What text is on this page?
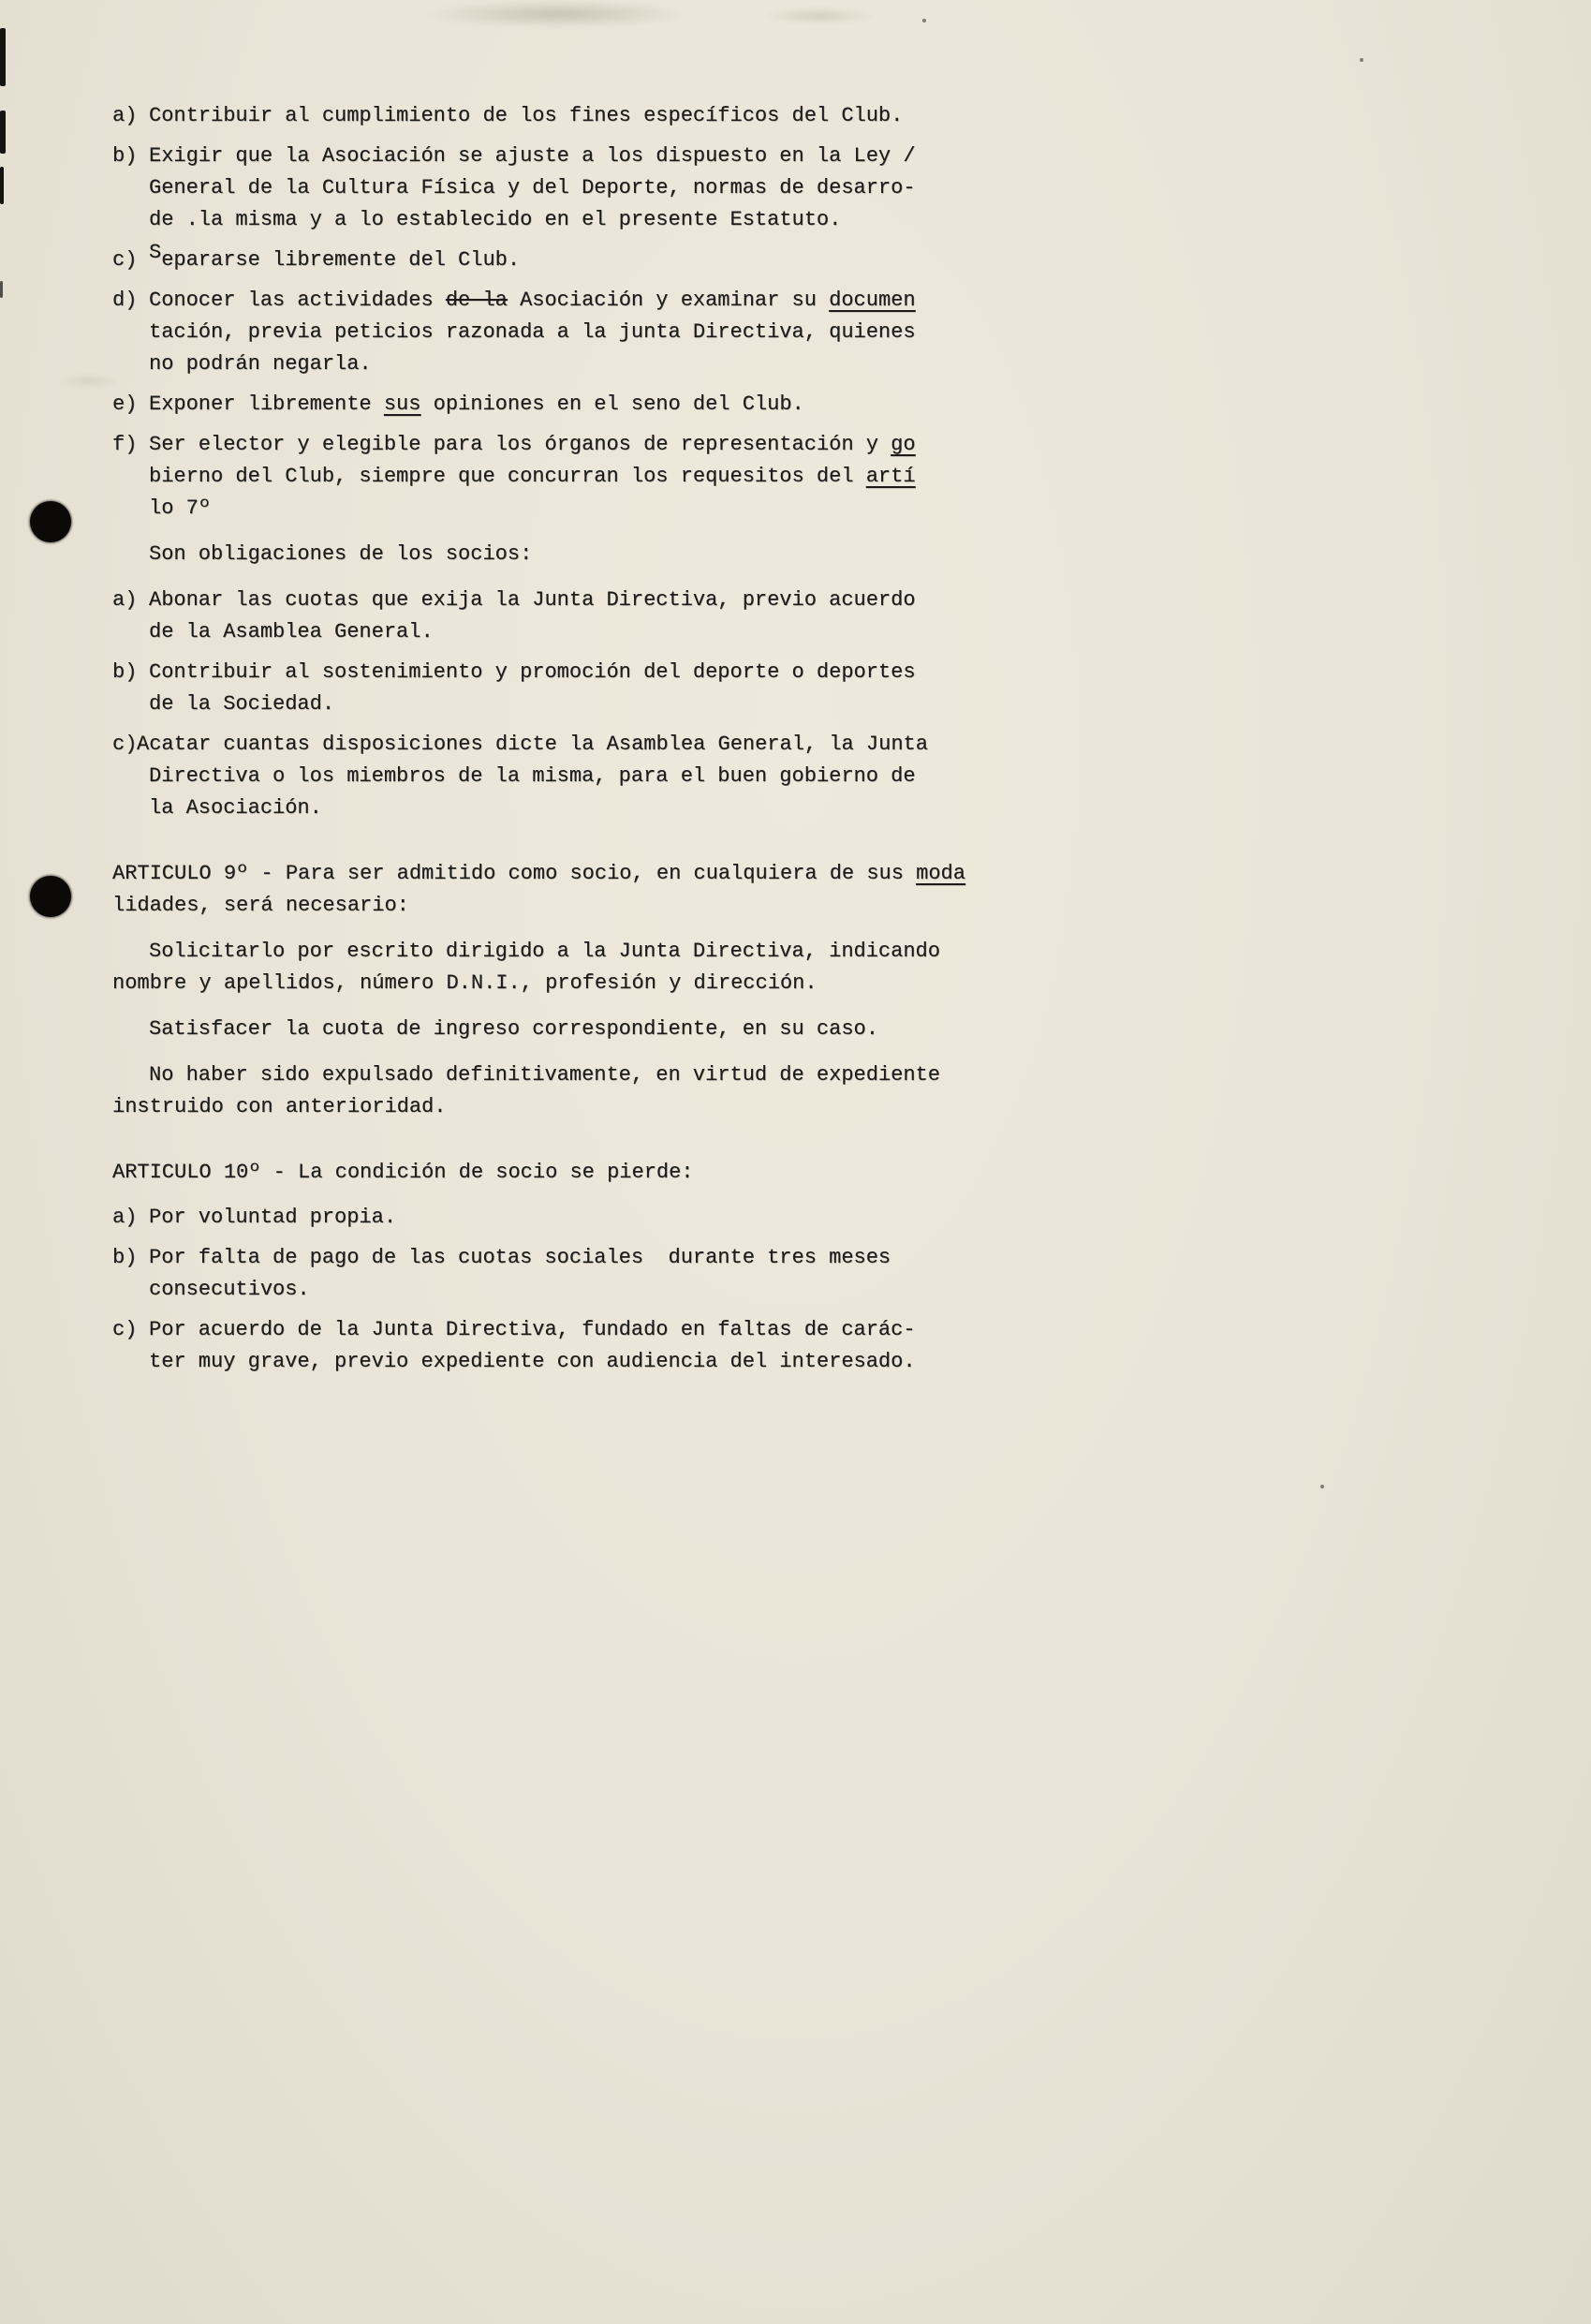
a) Contribuir al cumplimiento de los fines específicos del Club.
b) Exigir que la Asociación se ajuste a los dispuesto en la Ley /
General de la Cultura Física y del Deporte, normas de desarro-
de .la misma y a lo establecido en el presente Estatuto.
c) Separarse libremente del Club.
d) Conocer las actividades de la Asociación y examinar su documen
tación, previa peticios razonada a la junta Directiva, quienes
no podrán negarla.
e) Exponer libremente sus opiniones en el seno del Club.
f) Ser elector y elegible para los órganos de representación y go
bierno del Club, siempre que concurran los requesitos del artí
lo 7º
Son obligaciones de los socios:
a) Abonar las cuotas que exija la Junta Directiva, previo acuerdo
de la Asamblea General.
b) Contribuir al sostenimiento y promoción del deporte o deportes
de la Sociedad.
c) Acatar cuantas disposiciones dicte la Asamblea General, la Junta
Directiva o los miembros de la misma, para el buen gobierno de
la Asociación.
ARTICULO 9º - Para ser admitido como socio, en cualquiera de sus moda
lidades, será necesario:
Solicitarlo por escrito dirigido a la Junta Directiva, indicando
nombre y apellidos, número D.N.I., profesión y dirección.
Satisfacer la cuota de ingreso correspondiente, en su caso.
No haber sido expulsado definitivamente, en virtud de expediente
instruido con anterioridad.
ARTICULO 10º - La condición de socio se pierde:
a) Por voluntad propia.
b) Por falta de pago de las cuotas sociales  durante tres meses
consecutivos.
c) Por acuerdo de la Junta Directiva, fundado en faltas de carác-
ter muy grave, previo expediente con audiencia del interesado.
